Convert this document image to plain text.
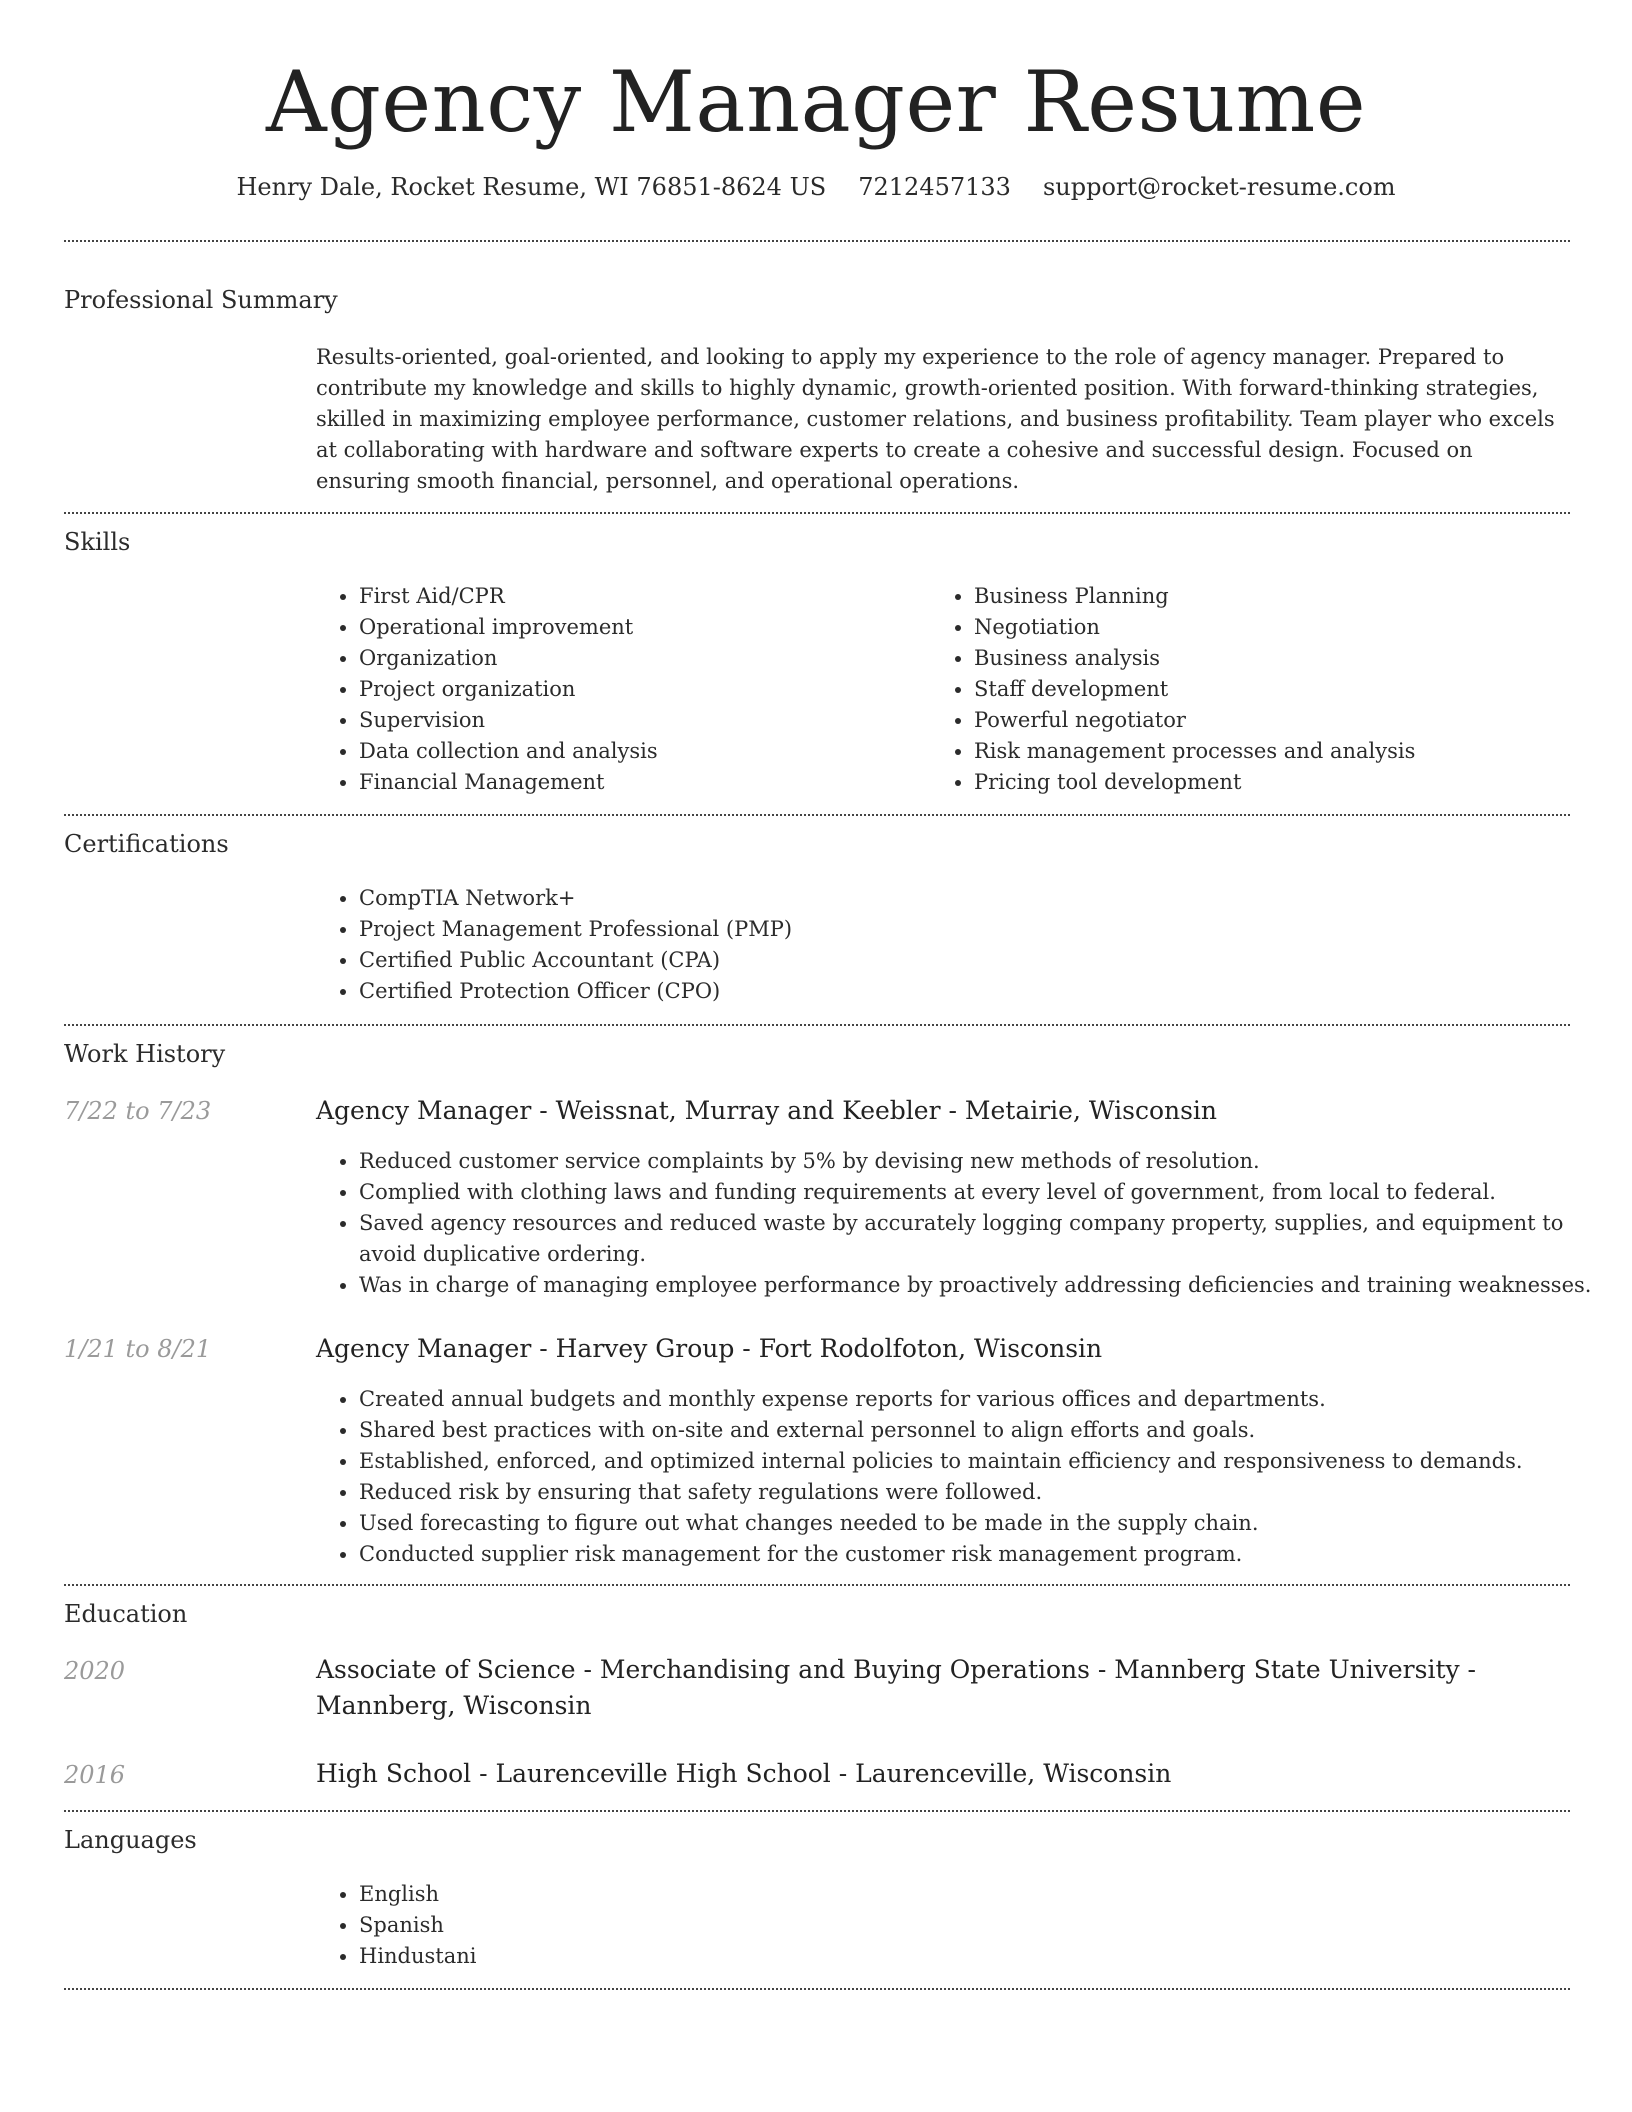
Agency Manager Resume
Henry Dale, Rocket Resume, WI 76851-8624 US 7212457133 support@rocket-resume.com
Professional Summary

Results-oriented, goal-oriented, and looking to apply my experience to the role of agency manager. Prepared to contribute my knowledge and skills to highly dynamic, growth-oriented position. With forward-thinking strategies, skilled in maximizing employee performance, customer relations, and business profitability. Team player who excels at collaborating with hardware and software experts to create a cohesive and successful design. Focused on ensuring smooth financial, personnel, and operational operations.

Skills
• First Aid/CPR
• Operational improvement
• Organization
• Project organization
• Supervision
• Data collection and analysis
• Financial Management
• Business Planning
• Negotiation
• Business analysis
• Staff development
• Powerful negotiator
• Risk management processes and analysis
• Pricing tool development
Certifications
• CompTIA Network+
• Project Management Professional (PMP)
• Certified Public Accountant (CPA)
• Certified Protection Officer (CPO)
Work History
7/22 to 7/23	Agency Manager - Weissnat, Murray and Keebler - Metairie, Wisconsin
• Reduced customer service complaints by 5% by devising new methods of resolution.
• Complied with clothing laws and funding requirements at every level of government, from local to federal.
• Saved agency resources and reduced waste by accurately logging company property, supplies, and equipment to avoid duplicative ordering.
• Was in charge of managing employee performance by proactively addressing deficiencies and training weaknesses.
1/21 to 8/21	Agency Manager - Harvey Group - Fort Rodolfoton, Wisconsin
• Created annual budgets and monthly expense reports for various offices and departments.
• Shared best practices with on-site and external personnel to align efforts and goals.
• Established, enforced, and optimized internal policies to maintain efficiency and responsiveness to demands.
• Reduced risk by ensuring that safety regulations were followed.
• Used forecasting to figure out what changes needed to be made in the supply chain.
• Conducted supplier risk management for the customer risk management program.
Education
2020	Associate of Science - Merchandising and Buying Operations - Mannberg State University - Mannberg, Wisconsin
2016	High School - Laurenceville High School - Laurenceville, Wisconsin
Languages
• English
• Spanish
• Hindustani
